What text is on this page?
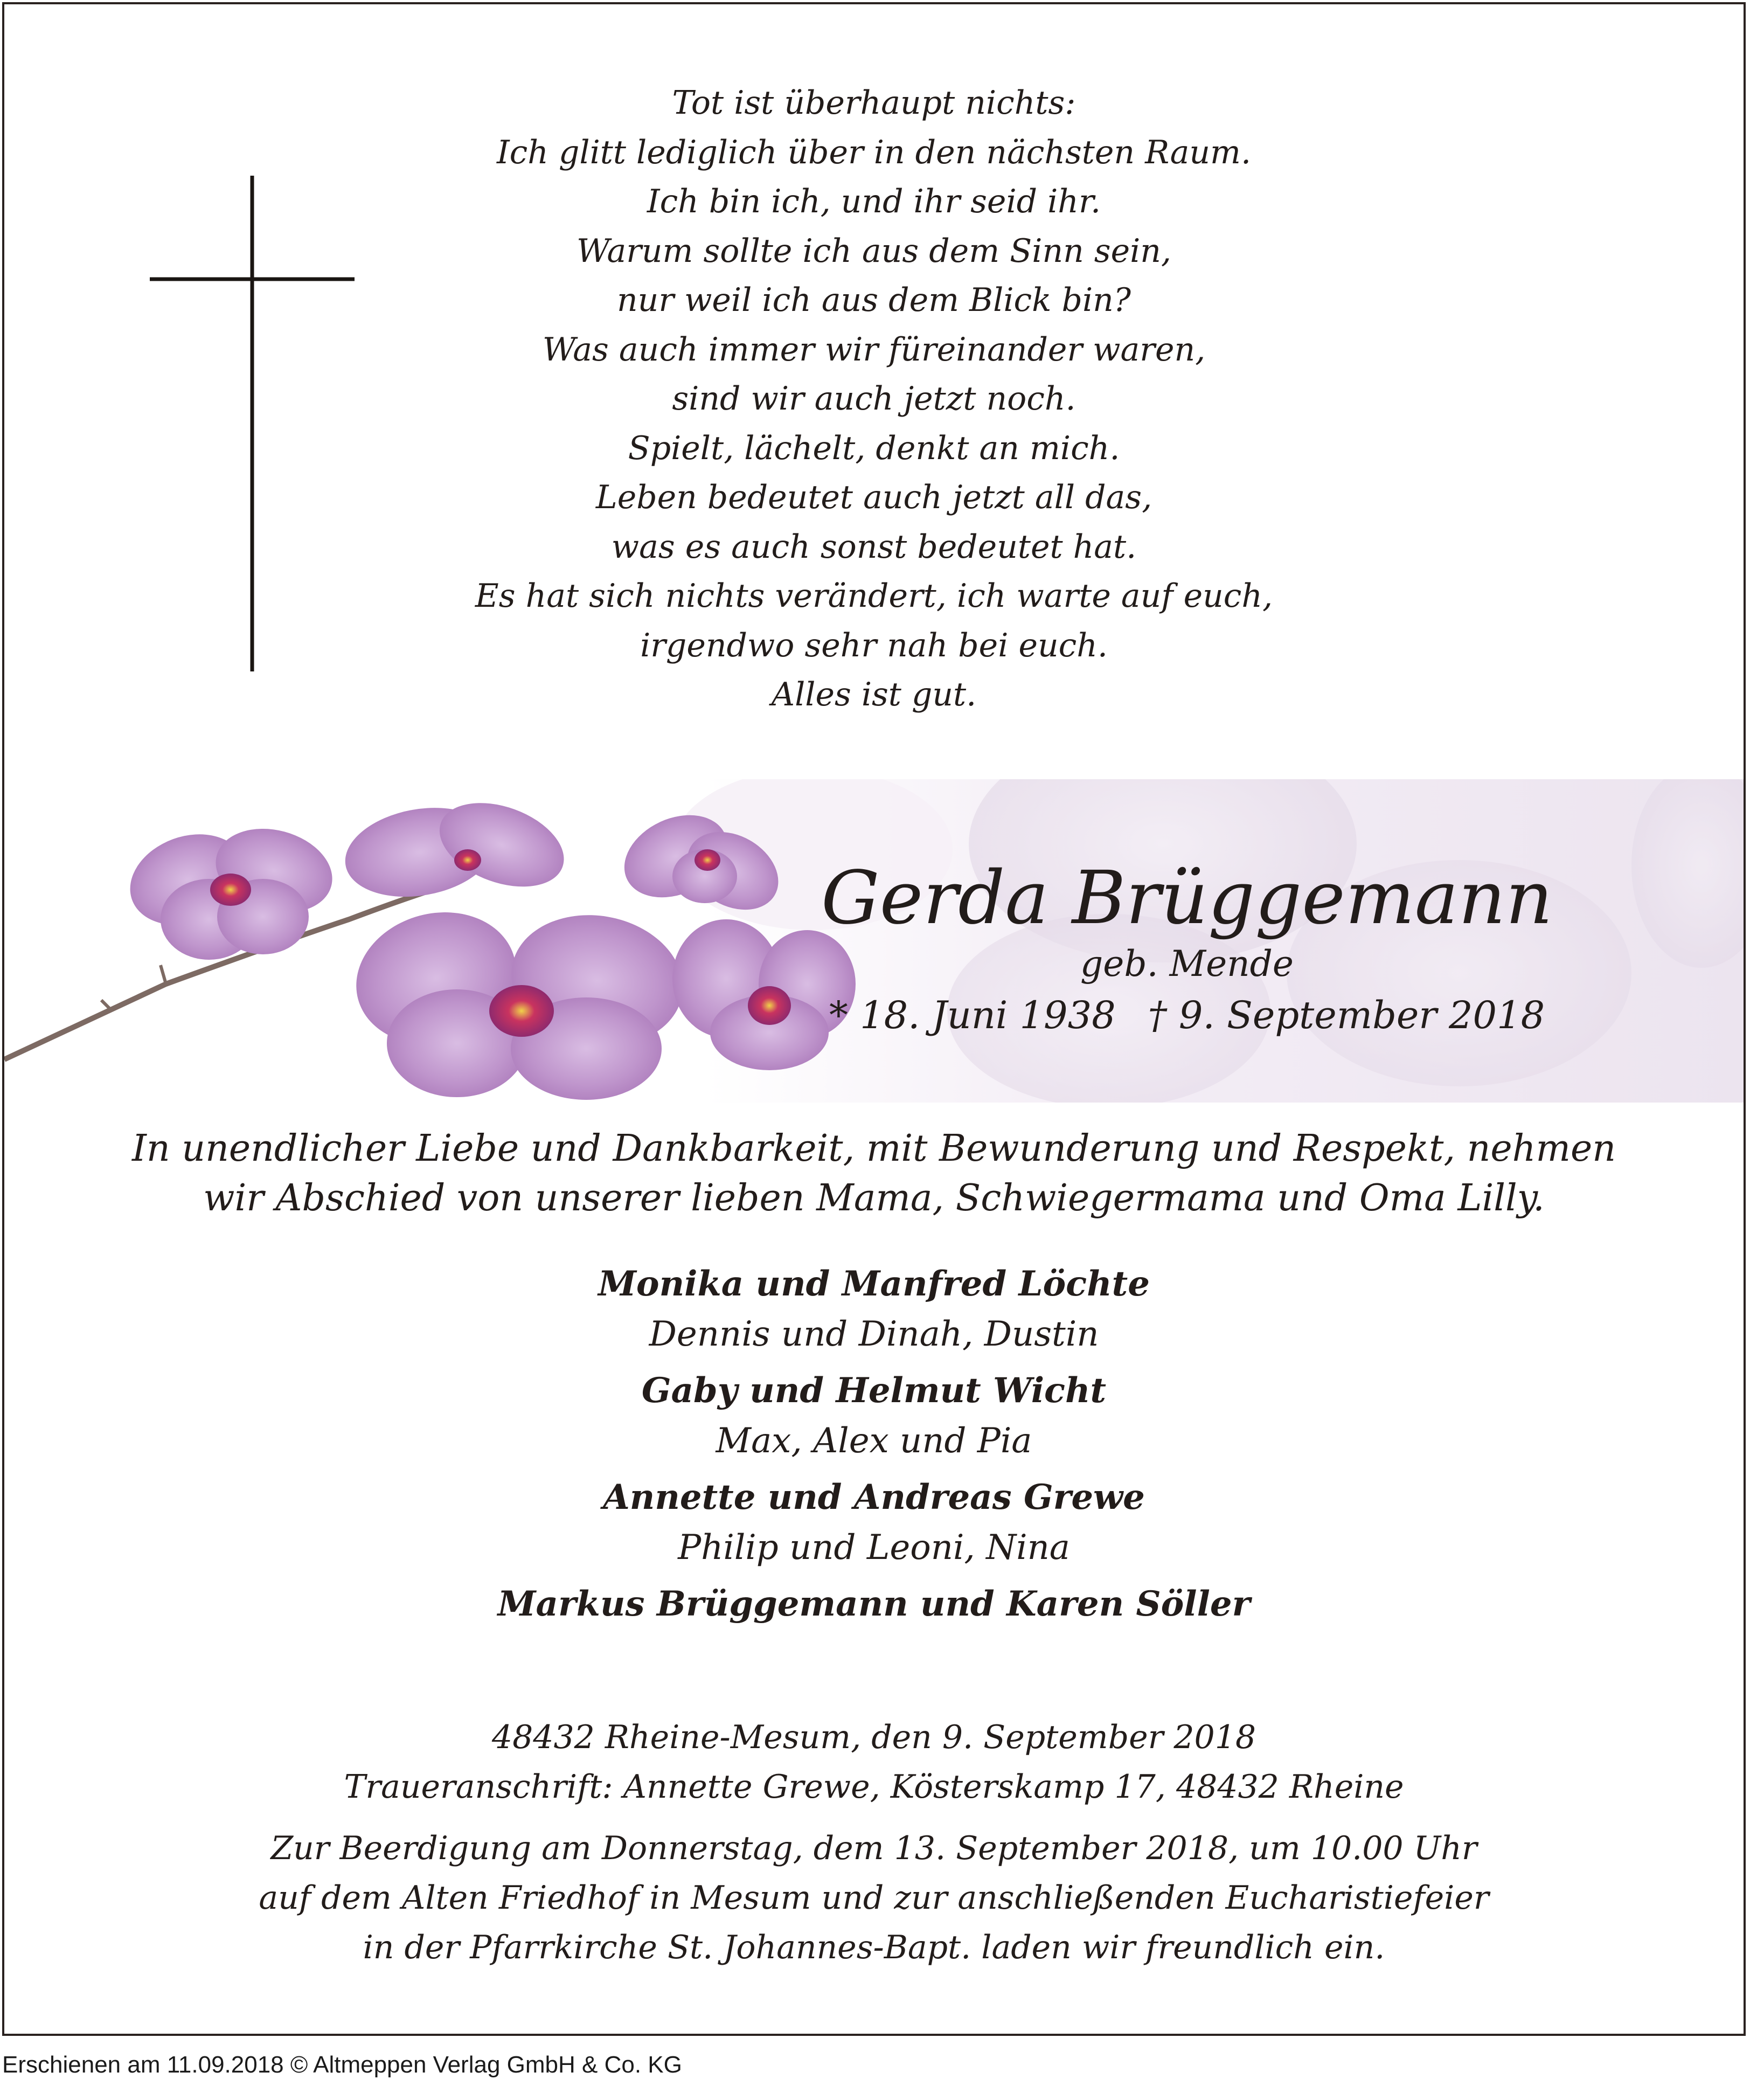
Tot ist überhaupt nichts:
Ich glitt lediglich über in den nächsten Raum.
Ich bin ich, und ihr seid ihr.
Warum sollte ich aus dem Sinn sein,
nur weil ich aus dem Blick bin?
Was auch immer wir füreinander waren,
sind wir auch jetzt noch.
Spielt, lächelt, denkt an mich.
Leben bedeutet auch jetzt all das,
was es auch sonst bedeutet hat.
Es hat sich nichts verändert, ich warte auf euch,
irgendwo sehr nah bei euch.
Alles ist gut.
Gerda Brüggemann
geb. Mende
* 18. Juni 1938 † 9. September 2018
In unendlicher Liebe und Dankbarkeit, mit Bewunderung und Respekt, nehmen
wir Abschied von unserer lieben Mama, Schwiegermama und Oma Lilly.
Monika und Manfred Löchte
Dennis und Dinah, Dustin
Gaby und Helmut Wicht
Max, Alex und Pia
Annette und Andreas Grewe
Philip und Leoni, Nina
Markus Brüggemann und Karen Söller
48432 Rheine-Mesum, den 9. September 2018
Traueranschrift: Annette Grewe, Kösterskamp 17, 48432 Rheine
Zur Beerdigung am Donnerstag, dem 13. September 2018, um 10.00 Uhr
auf dem Alten Friedhof in Mesum und zur anschließenden Eucharistiefeier
in der Pfarrkirche St. Johannes-Bapt. laden wir freundlich ein.
Erschienen am 11.09.2018 © Altmeppen Verlag GmbH & Co. KG
